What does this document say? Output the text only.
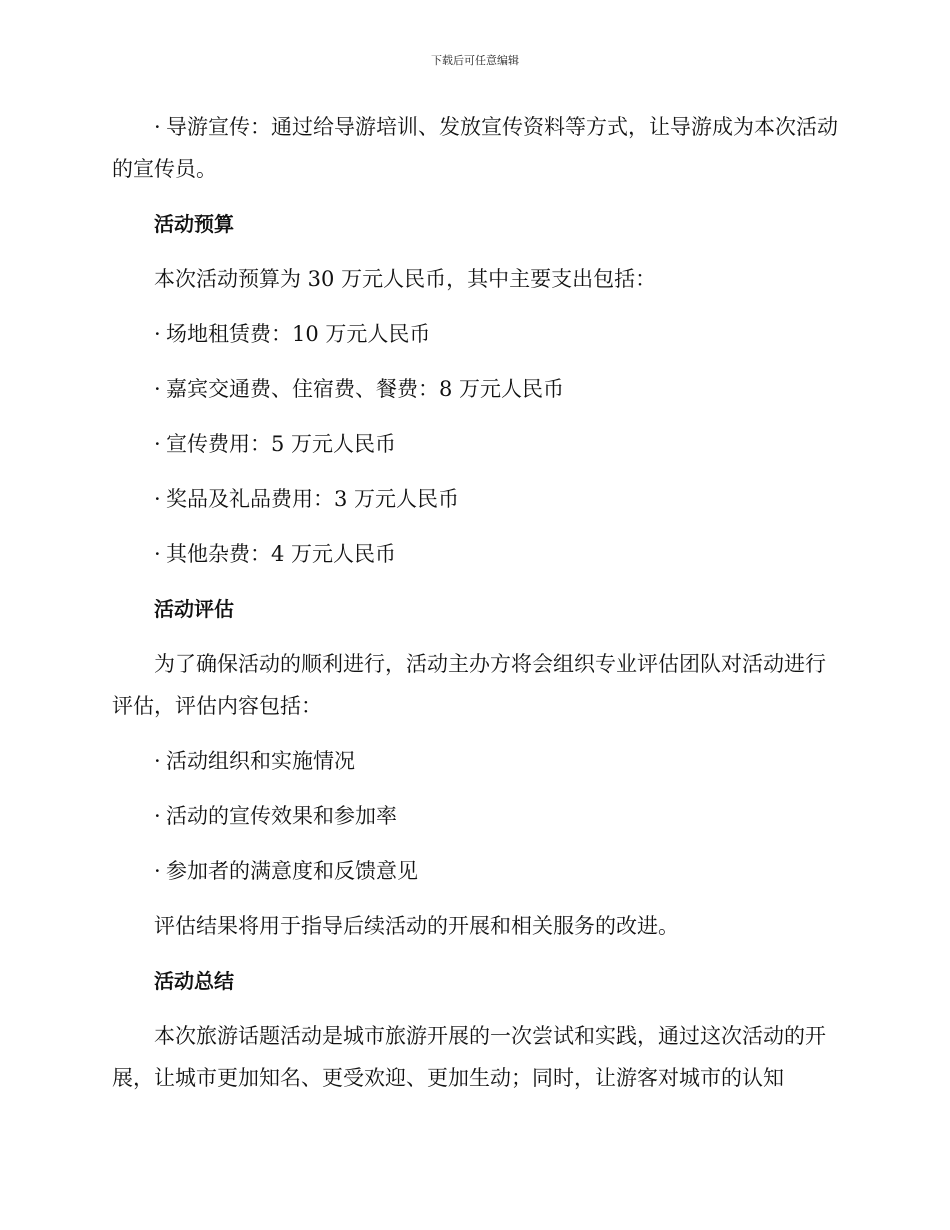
下载后可任意编辑
· 导游宣传：通过给导游培训、发放宣传资料等方式，让导游成为本次活动的宣传员。
活动预算
本次活动预算为 30 万元人民币，其中主要支出包括：
· 场地租赁费：10 万元人民币
· 嘉宾交通费、住宿费、餐费：8 万元人民币
· 宣传费用：5 万元人民币
· 奖品及礼品费用：3 万元人民币
· 其他杂费：4 万元人民币
活动评估
为了确保活动的顺利进行，活动主办方将会组织专业评估团队对活动进行评估，评估内容包括：
· 活动组织和实施情况
· 活动的宣传效果和参加率
· 参加者的满意度和反馈意见
评估结果将用于指导后续活动的开展和相关服务的改进。
活动总结
本次旅游话题活动是城市旅游开展的一次尝试和实践，通过这次活动的开展，让城市更加知名、更受欢迎、更加生动；同时，让游客对城市的认知
